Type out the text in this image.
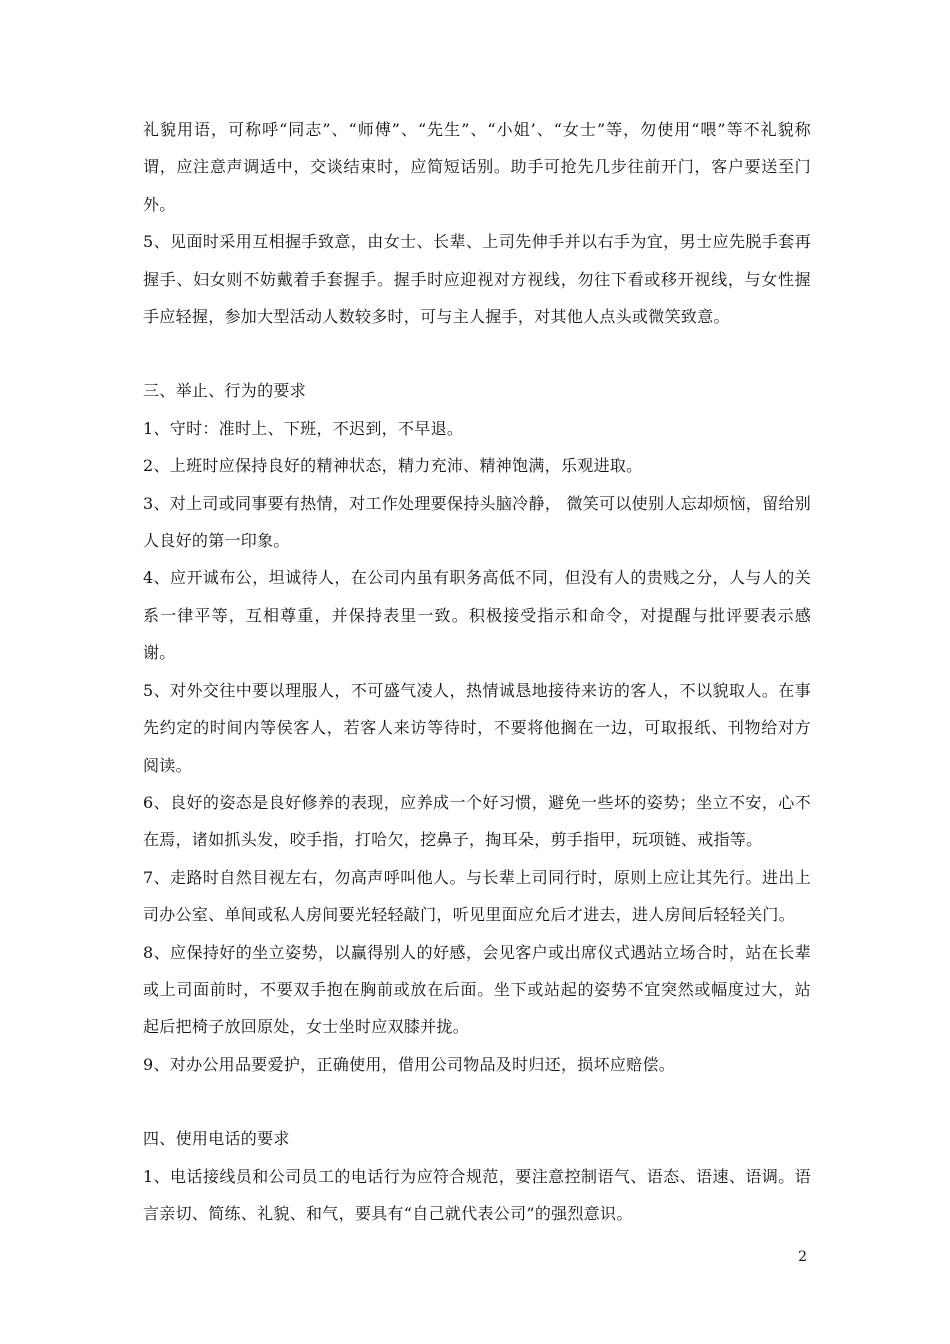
礼貌用语，可称呼“同志”、“师傅”、“先生”、“小姐’、“女士”等，勿使用“喂”等不礼貌称谓，应注意声调适中，交谈结束时，应简短话别。助手可抢先几步往前开门，客户要送至门外。

5、见面时采用互相握手致意，由女士、长辈、上司先伸手并以右手为宜，男士应先脱手套再握手、妇女则不妨戴着手套握手。握手时应迎视对方视线，勿往下看或移开视线，与女性握手应轻握，参加大型活动人数较多时，可与主人握手，对其他人点头或微笑致意。

三、举止、行为的要求

1、守时：准时上、下班，不迟到，不早退。

2、上班时应保持良好的精神状态，精力充沛、精神饱满，乐观进取。

3、对上司或同事要有热情，对工作处理要保持头脑冷静， 微笑可以使别人忘却烦恼，留给别人良好的第一印象。

4、应开诚布公，坦诚待人，在公司内虽有职务高低不同，但没有人的贵贱之分，人与人的关系一律平等，互相尊重，并保持表里一致。积极接受指示和命令，对提醒与批评要表示感谢。

5、对外交往中要以理服人，不可盛气凌人，热情诚恳地接待来访的客人，不以貌取人。在事先约定的时间内等侯客人，若客人来访等待时，不要将他搁在一边，可取报纸、刊物给对方阅读。

6、良好的姿态是良好修养的表现，应养成一个好习惯，避免一些坏的姿势；坐立不安，心不在焉，诸如抓头发，咬手指，打哈欠，挖鼻子，掏耳朵，剪手指甲，玩项链、戒指等。

7、走路时自然目视左右，勿高声呼叫他人。与长辈上司同行时，原则上应让其先行。进出上司办公室、单间或私人房间要光轻轻敲门，听见里面应允后才进去，进人房间后轻轻关门。

8、应保持好的坐立姿势，以赢得别人的好感，会见客户或出席仪式遇站立场合时，站在长辈或上司面前时，不要双手抱在胸前或放在后面。坐下或站起的姿势不宜突然或幅度过大，站起后把椅子放回原处，女士坐时应双膝并拢。

9、对办公用品要爱护，正确使用，借用公司物品及时归还，损坏应赔偿。

四、使用电话的要求

1、电话接线员和公司员工的电话行为应符合规范，要注意控制语气、语态、语速、语调。语言亲切、简练、礼貌、和气，要具有“自己就代表公司”的强烈意识。

2
